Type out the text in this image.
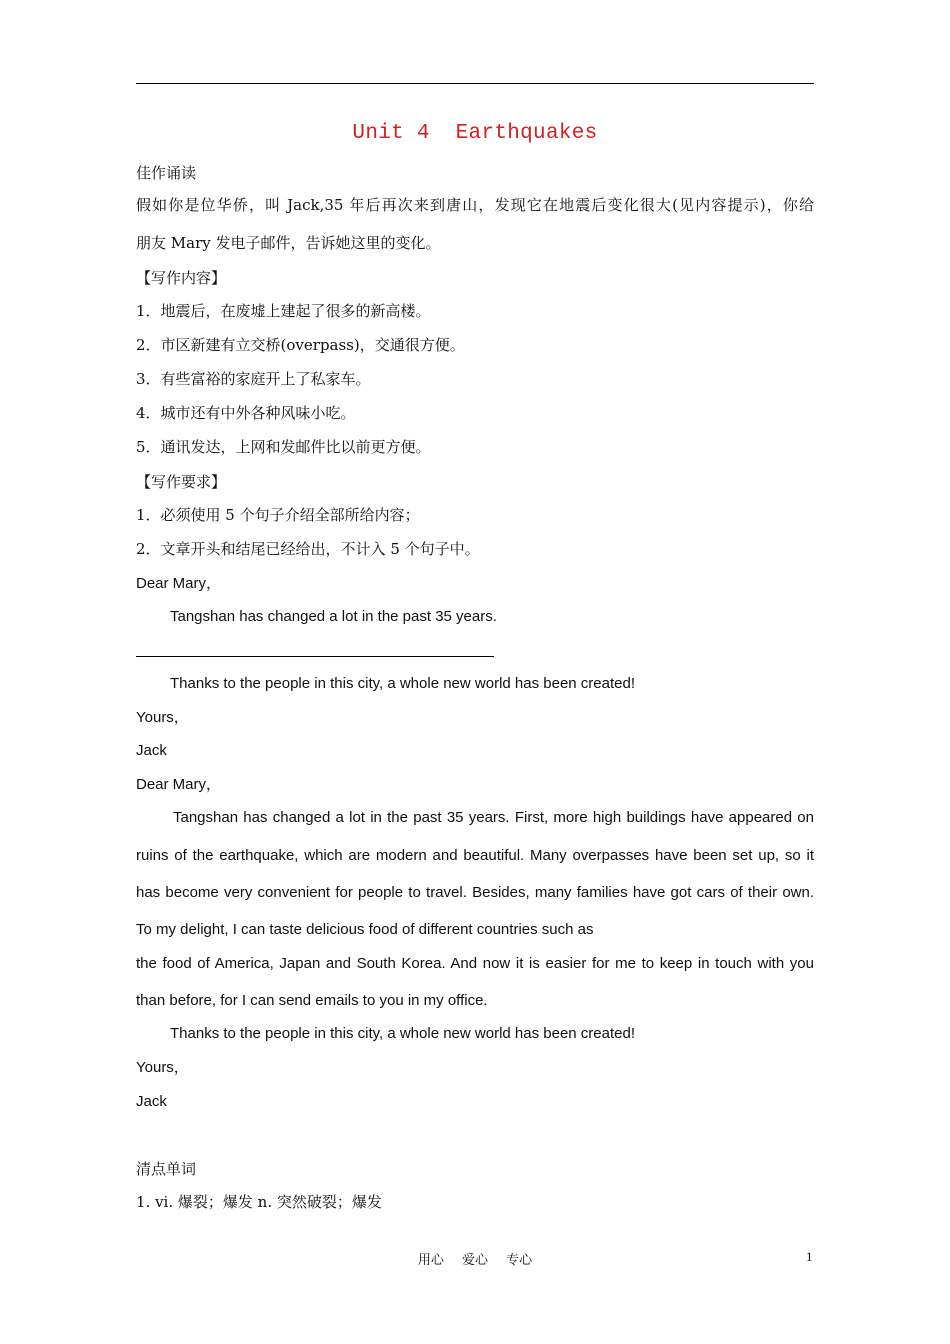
Unit 4  Earthquakes
佳作诵读
假如你是位华侨，叫 Jack,35 年后再次来到唐山，发现它在地震后变化很大(见内容提示)，你给
朋友 Mary 发电子邮件，告诉她这里的变化。
【写作内容】
1．地震后，在废墟上建起了很多的新高楼。
2．市区新建有立交桥(overpass)，交通很方便。
3．有些富裕的家庭开上了私家车。
4．城市还有中外各种风味小吃。
5．通讯发达，上网和发邮件比以前更方便。
【写作要求】
1．必须使用 5 个句子介绍全部所给内容；
2．文章开头和结尾已经给出，不计入 5 个句子中。
Dear Mary，
Tangshan has changed a lot in the past 35 years.
Thanks to the people in this city, a whole new world has been created!
Yours，
Jack
Dear Mary，
Tangshan has changed a lot in the past 35 years. First, more high buildings have appeared on
ruins of the earthquake, which are modern and beautiful. Many overpasses have been set up, so it
has become very convenient for people to travel. Besides, many families have got cars of their own.
To my delight, I can taste delicious food of different countries such as
the food of America, Japan and South Korea. And now it is easier for me to keep in touch with you
than before, for I can send emails to you in my office.
Thanks to the people in this city, a whole new world has been created!
Yours，
Jack
清点单词
1. vi. 爆裂；爆发 n. 突然破裂；爆发
用心 爱心 专心	1
